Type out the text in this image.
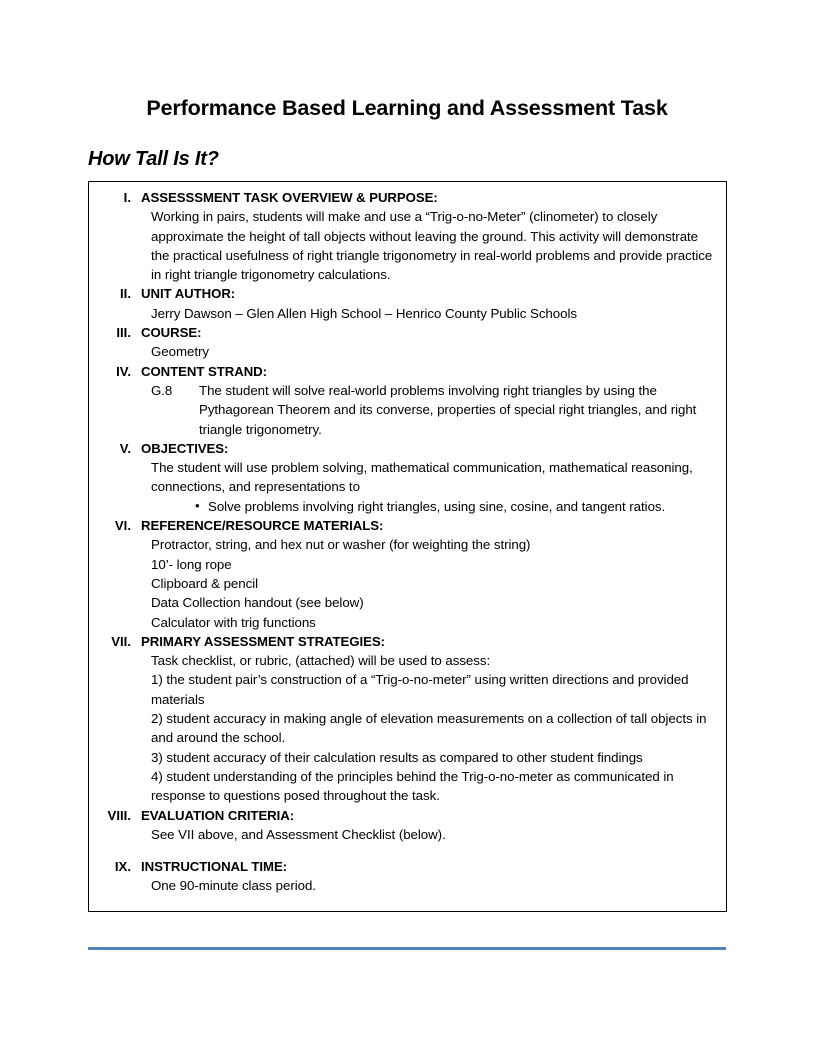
Performance Based Learning and Assessment Task
How Tall Is It?
I. ASSESSSMENT TASK OVERVIEW & PURPOSE:

Working in pairs, students will make and use a “Trig-o-no-Meter” (clinometer) to closely approximate the height of tall objects without leaving the ground. This activity will demonstrate the practical usefulness of right triangle trigonometry in real-world problems and provide practice in right triangle trigonometry calculations.

II. UNIT AUTHOR:

Jerry Dawson – Glen Allen High School – Henrico County Public Schools

III. COURSE:

Geometry

IV. CONTENT STRAND:
G.8	The student will solve real-world problems involving right triangles by using the Pythagorean Theorem and its converse, properties of special right triangles, and right triangle trigonometry.
V. OBJECTIVES:

The student will use problem solving, mathematical communication, mathematical reasoning, connections, and representations to

• Solve problems involving right triangles, using sine, cosine, and tangent ratios.
VI. REFERENCE/RESOURCE MATERIALS:

Protractor, string, and hex nut or washer (for weighting the string)

10’- long rope

Clipboard & pencil

Data Collection handout (see below)

Calculator with trig functions

VII. PRIMARY ASSESSMENT STRATEGIES:

Task checklist, or rubric, (attached) will be used to assess:

1) the student pair’s construction of a “Trig-o-no-meter” using written directions and provided materials

2) student accuracy in making angle of elevation measurements on a collection of tall objects in and around the school.

3) student accuracy of their calculation results as compared to other student findings

4) student understanding of the principles behind the Trig-o-no-meter as communicated in response to questions posed throughout the task.

VIII. EVALUATION CRITERIA:

See VII above, and Assessment Checklist (below).

IX. INSTRUCTIONAL TIME:

One 90-minute class period.
